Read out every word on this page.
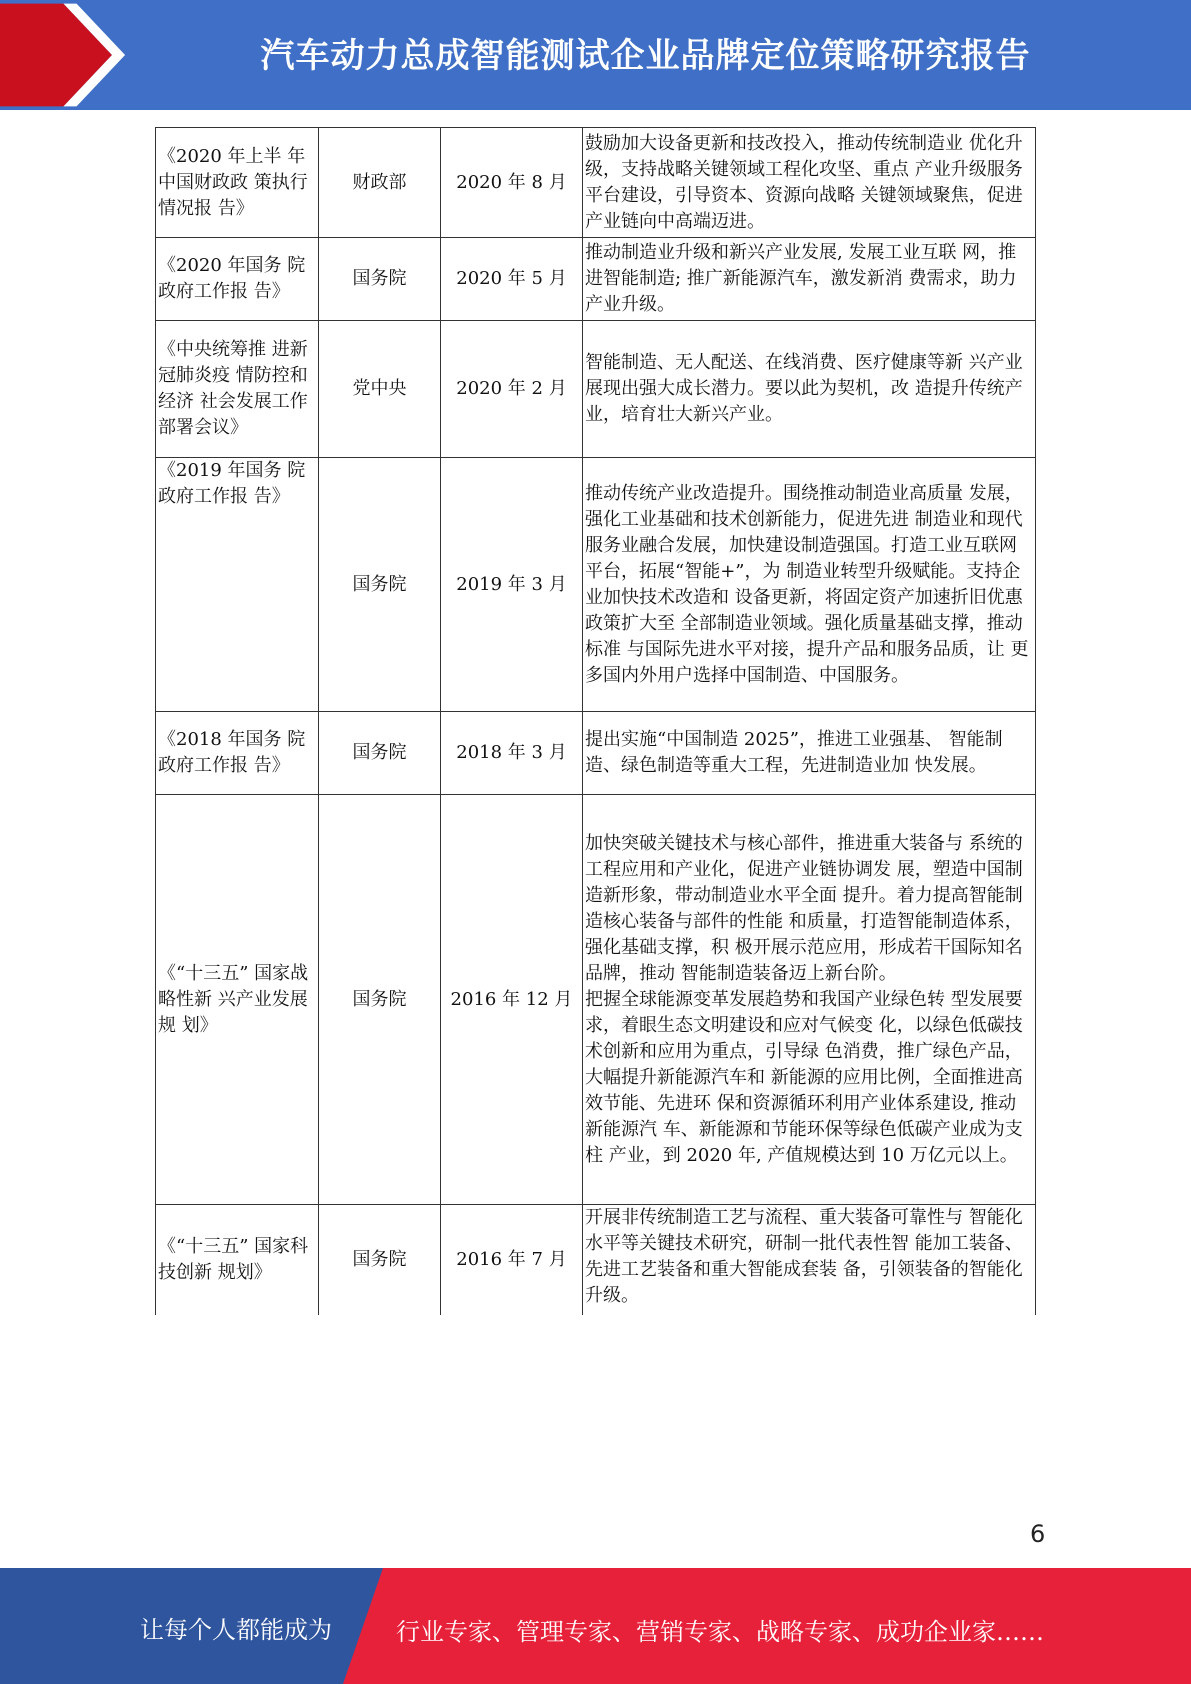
汽车动力总成智能测试企业品牌定位策略研究报告
《2020 年上半 年中国财政政 策执行情况报 告》	财政部	2020 年 8 月	鼓励加大设备更新和技改投入，推动传统制造业 优化升级，支持战略关键领域工程化攻坚、重点 产业升级服务平台建设，引导资本、资源向战略 关键领域聚焦，促进产业链向中高端迈进。
《2020 年国务 院政府工作报 告》	国务院	2020 年 5 月	推动制造业升级和新兴产业发展, 发展工业互联 网，推进智能制造; 推广新能源汽车，激发新消 费需求，助力产业升级。
《中央统筹推 进新冠肺炎疫 情防控和经济 社会发展工作 部署会议》	党中央	2020 年 2 月	智能制造、无人配送、在线消费、医疗健康等新 兴产业展现出强大成长潜力。要以此为契机，改 造提升传统产业，培育壮大新兴产业。
《2019 年国务 院政府工作报 告》	国务院	2019 年 3 月	推动传统产业改造提升。围绕推动制造业高质量 发展，强化工业基础和技术创新能力，促进先进 制造业和现代服务业融合发展，加快建设制造强国。打造工业互联网平台，拓展“智能+”，为 制造业转型升级赋能。支持企业加快技术改造和 设备更新，将固定资产加速折旧优惠政策扩大至 全部制造业领域。强化质量基础支撑，推动标准 与国际先进水平对接，提升产品和服务品质，让 更多国内外用户选择中国制造、中国服务。
《2018 年国务 院政府工作报 告》	国务院	2018 年 3 月	提出实施“中国制造 2025”，推进工业强基、 智能制造、绿色制造等重大工程，先进制造业加 快发展。
《“十三五” 国家战略性新 兴产业发展规 划》	国务院	2016 年 12 月	加快突破关键技术与核心部件，推进重大装备与 系统的工程应用和产业化，促进产业链协调发 展，塑造中国制造新形象，带动制造业水平全面 提升。着力提高智能制造核心装备与部件的性能 和质量，打造智能制造体系，强化基础支撑，积 极开展示范应用，形成若干国际知名品牌，推动 智能制造装备迈上新台阶。
把握全球能源变革发展趋势和我国产业绿色转 型发展要求，着眼生态文明建设和应对气候变 化，以绿色低碳技术创新和应用为重点，引导绿 色消费，推广绿色产品，大幅提升新能源汽车和 新能源的应用比例，全面推进高效节能、先进环 保和资源循环利用产业体系建设, 推动新能源汽 车、新能源和节能环保等绿色低碳产业成为支柱 产业，到 2020 年, 产值规模达到 10 万亿元以上。

《“十三五” 国家科技创新 规划》	国务院	2016 年 7 月	开展非传统制造工艺与流程、重大装备可靠性与 智能化水平等关键技术研究，研制一批代表性智 能加工装备、先进工艺装备和重大智能成套装 备，引领装备的智能化升级。
6
让每个人都能成为	行业专家、管理专家、营销专家、战略专家、成功企业家……
